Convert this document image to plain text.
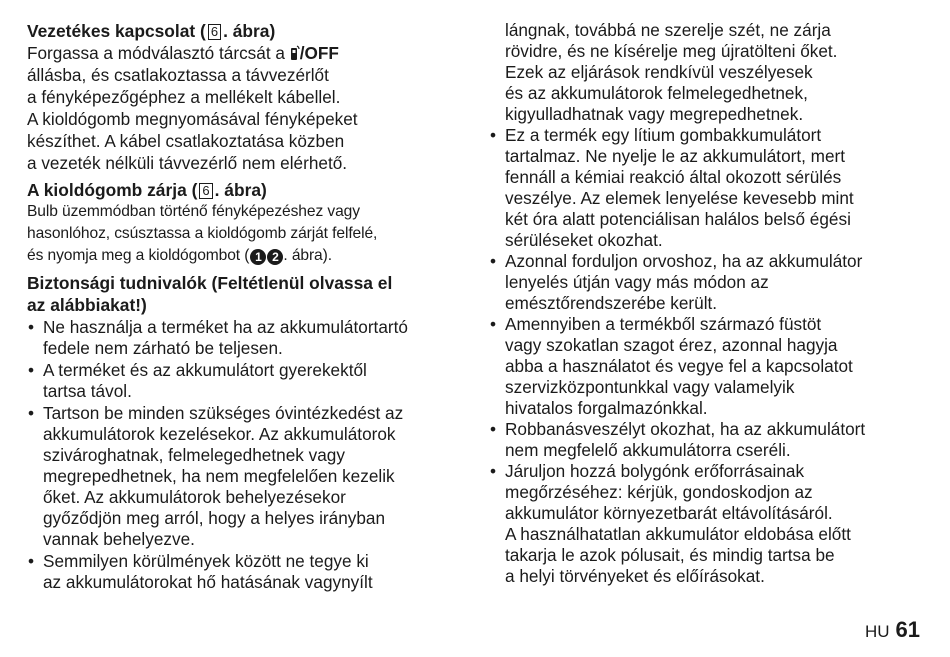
Vezetékes kapcsolat ( 6 . ábra)
Forgassa a módválasztó tárcsát a /OFF
állásba, és csatlakoztassa a távvezérlőt
a fényképezőgéphez a mellékelt kábellel.
A kioldógomb megnyomásával fényképeket
készíthet. A kábel csatlakoztatása közben
a vezeték nélküli távvezérlő nem elérhető.
A kioldógomb zárja ( 6 . ábra)
Bulb üzemmódban történő fényképezéshez vagy
hasonlóhoz, csúsztassa a kioldógomb zárját felfelé,
és nyomja meg a kioldógombot ( 1 2 . ábra).
Biztonsági tudnivalók (Feltétlenül olvassa el
az alábbiakat!)
• Ne használja a terméket ha az akkumulátortartó
fedele nem zárható be teljesen.
• A terméket és az akkumulátort gyerekektől
tartsa távol.
• Tartson be minden szükséges óvintézkedést az
akkumulátorok kezelésekor. Az akkumulátorok
szivároghatnak, felmelegedhetnek vagy
megrepedhetnek, ha nem megfelelően kezelik
őket. Az akkumulátorok behelyezésekor
győződjön meg arról, hogy a helyes irányban
vannak behelyezve.
• Semmilyen körülmények között ne tegye ki
az akkumulátorokat hő hatásának vagynyílt
lángnak, továbbá ne szerelje szét, ne zárja
rövidre, és ne kísérelje meg újratölteni őket.
Ezek az eljárások rendkívül veszélyesek
és az akkumulátorok felmelegedhetnek,
kigyulladhatnak vagy megrepedhetnek.
• Ez a termék egy lítium gombakkumulátort
tartalmaz. Ne nyelje le az akkumulátort, mert
fennáll a kémiai reakció által okozott sérülés
veszélye. Az elemek lenyelése kevesebb mint
két óra alatt potenciálisan halálos belső égési
sérüléseket okozhat.
• Azonnal forduljon orvoshoz, ha az akkumulátor
lenyelés útján vagy más módon az
emésztőrendszerébe került.
• Amennyiben a termékből származó füstöt
vagy szokatlan szagot érez, azonnal hagyja
abba a használatot és vegye fel a kapcsolatot
szervizközpontunkkal vagy valamelyik
hivatalos forgalmazónkkal.
• Robbanásveszélyt okozhat, ha az akkumulátort
nem megfelelő akkumulátorra cseréli.
• Járuljon hozzá bolygónk erőforrásainak
megőrzéséhez: kérjük, gondoskodjon az
akkumulátor környezetbarát eltávolításáról.
A használhatatlan akkumulátor eldobása előtt
takarja le azok pólusait, és mindig tartsa be
a helyi törvényeket és előírásokat.
HU 61
